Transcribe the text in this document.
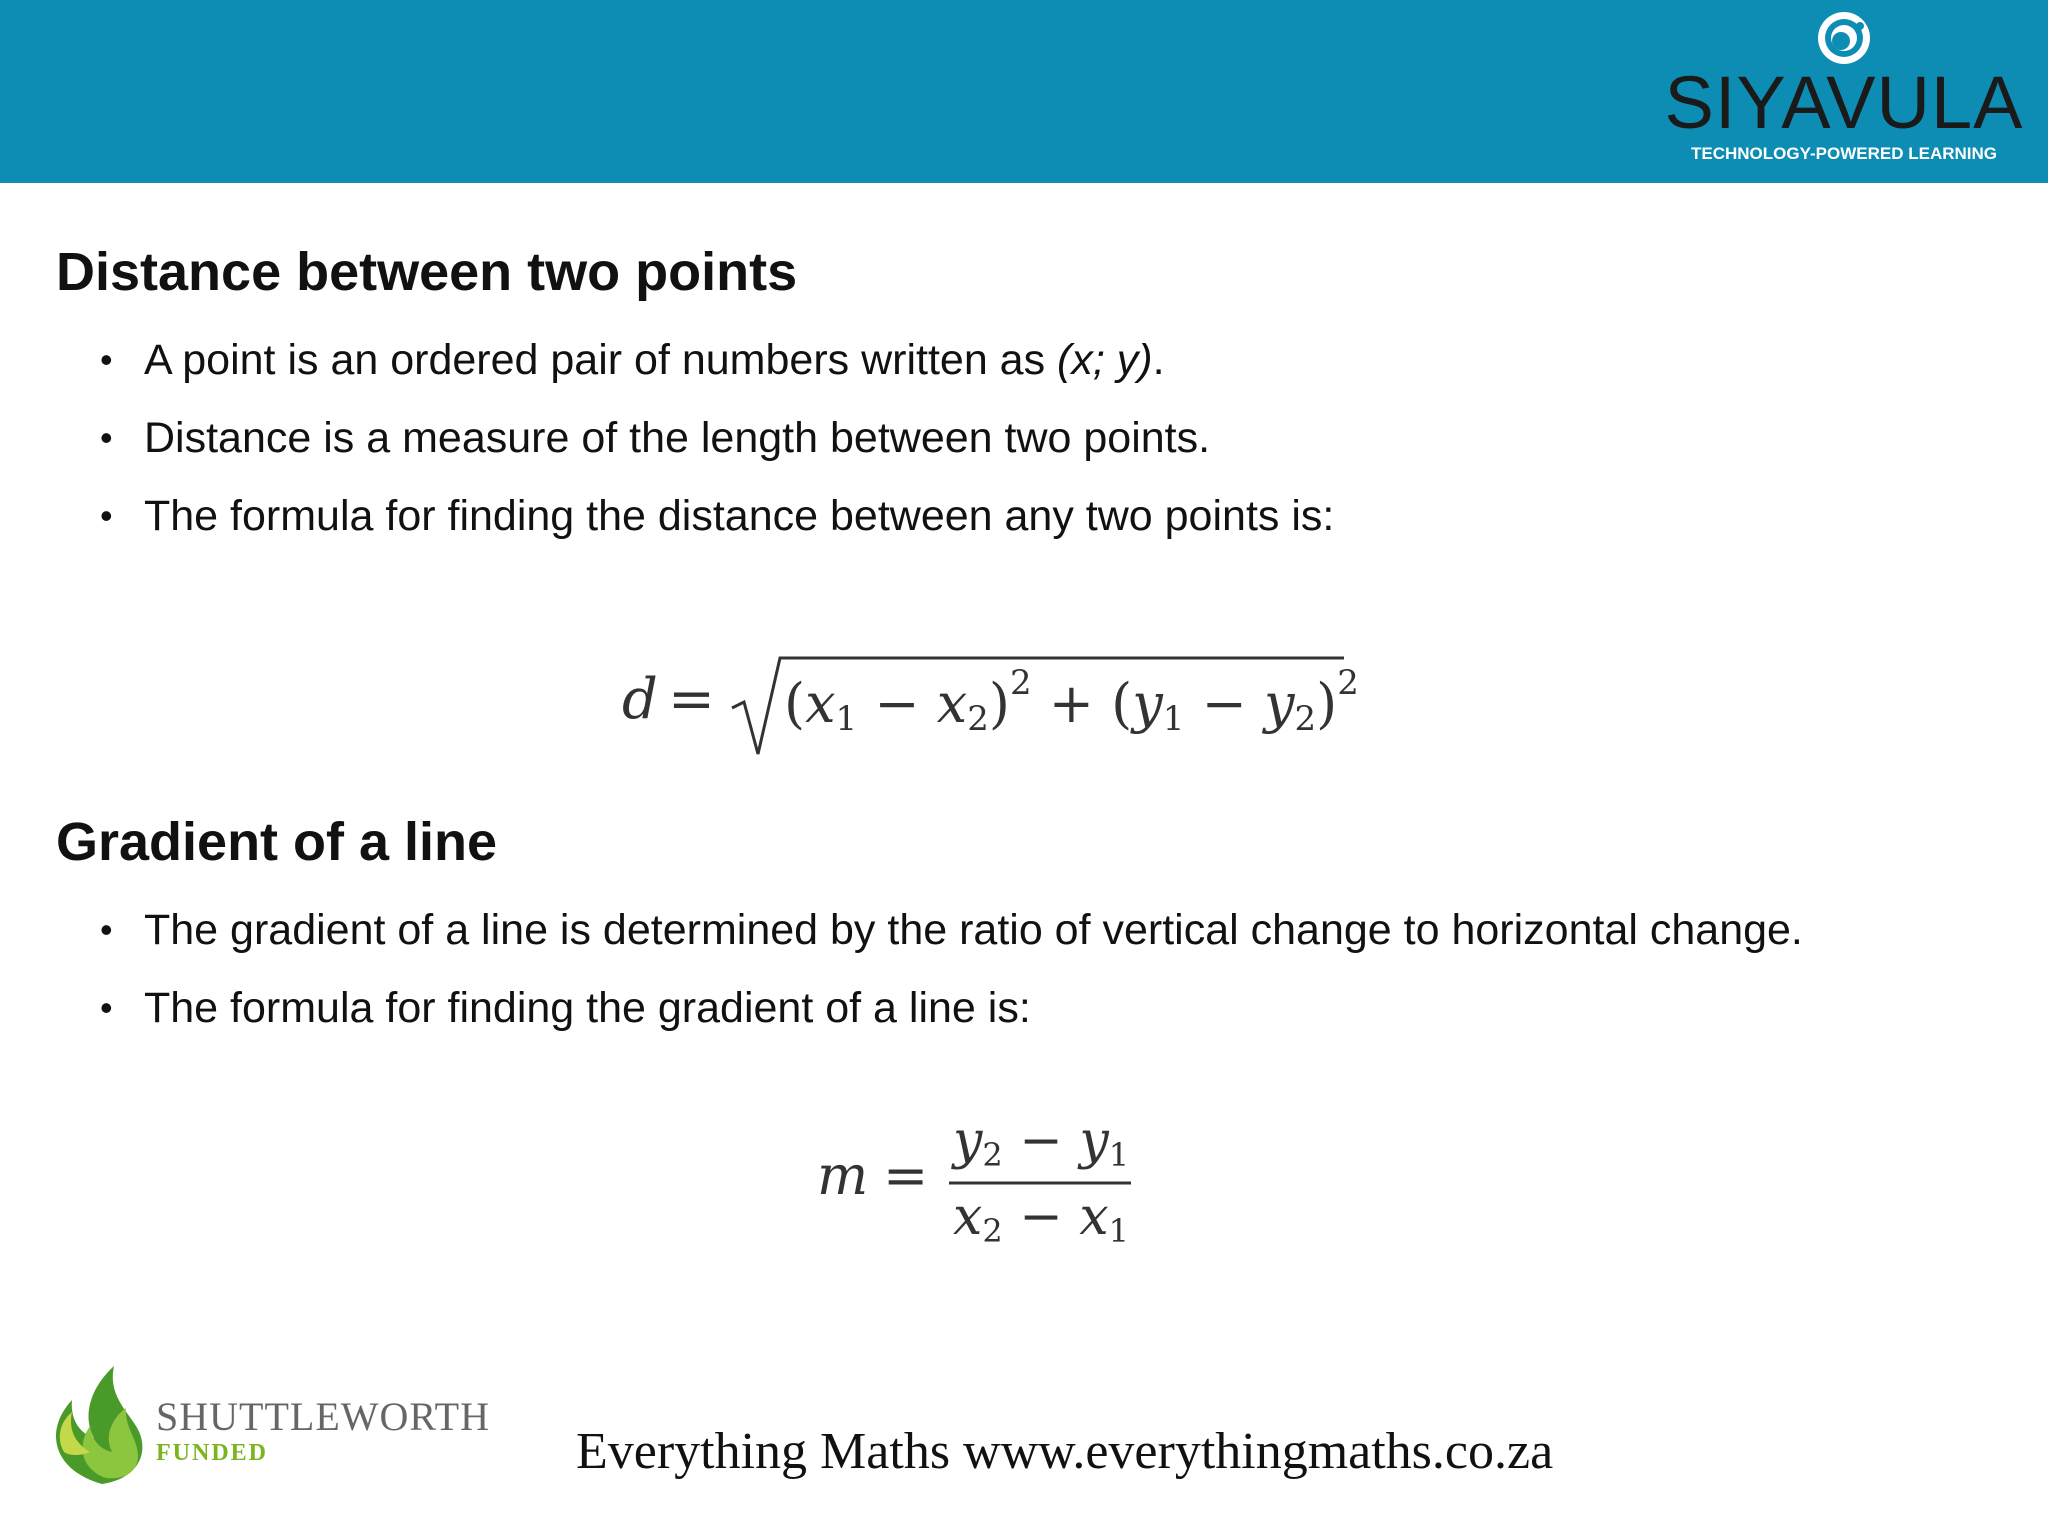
SIYAVULA
TECHNOLOGY-POWERED LEARNING
Distance between two points
• A point is an ordered pair of numbers written as (x; y).
• Distance is a measure of the length between two points.
• The formula for finding the distance between any two points is:
$d = (x1 - x2)^2 + (y1 - y2)^2$
Gradient of a line
• The gradient of a line is determined by the ratio of vertical change to horizontal change.
• The formula for finding the gradient of a line is:
m =
y2 − y1
x2 − x1
SHUTTLEWORTH
FUNDED	Everything Maths www.everythingmaths.co.za
